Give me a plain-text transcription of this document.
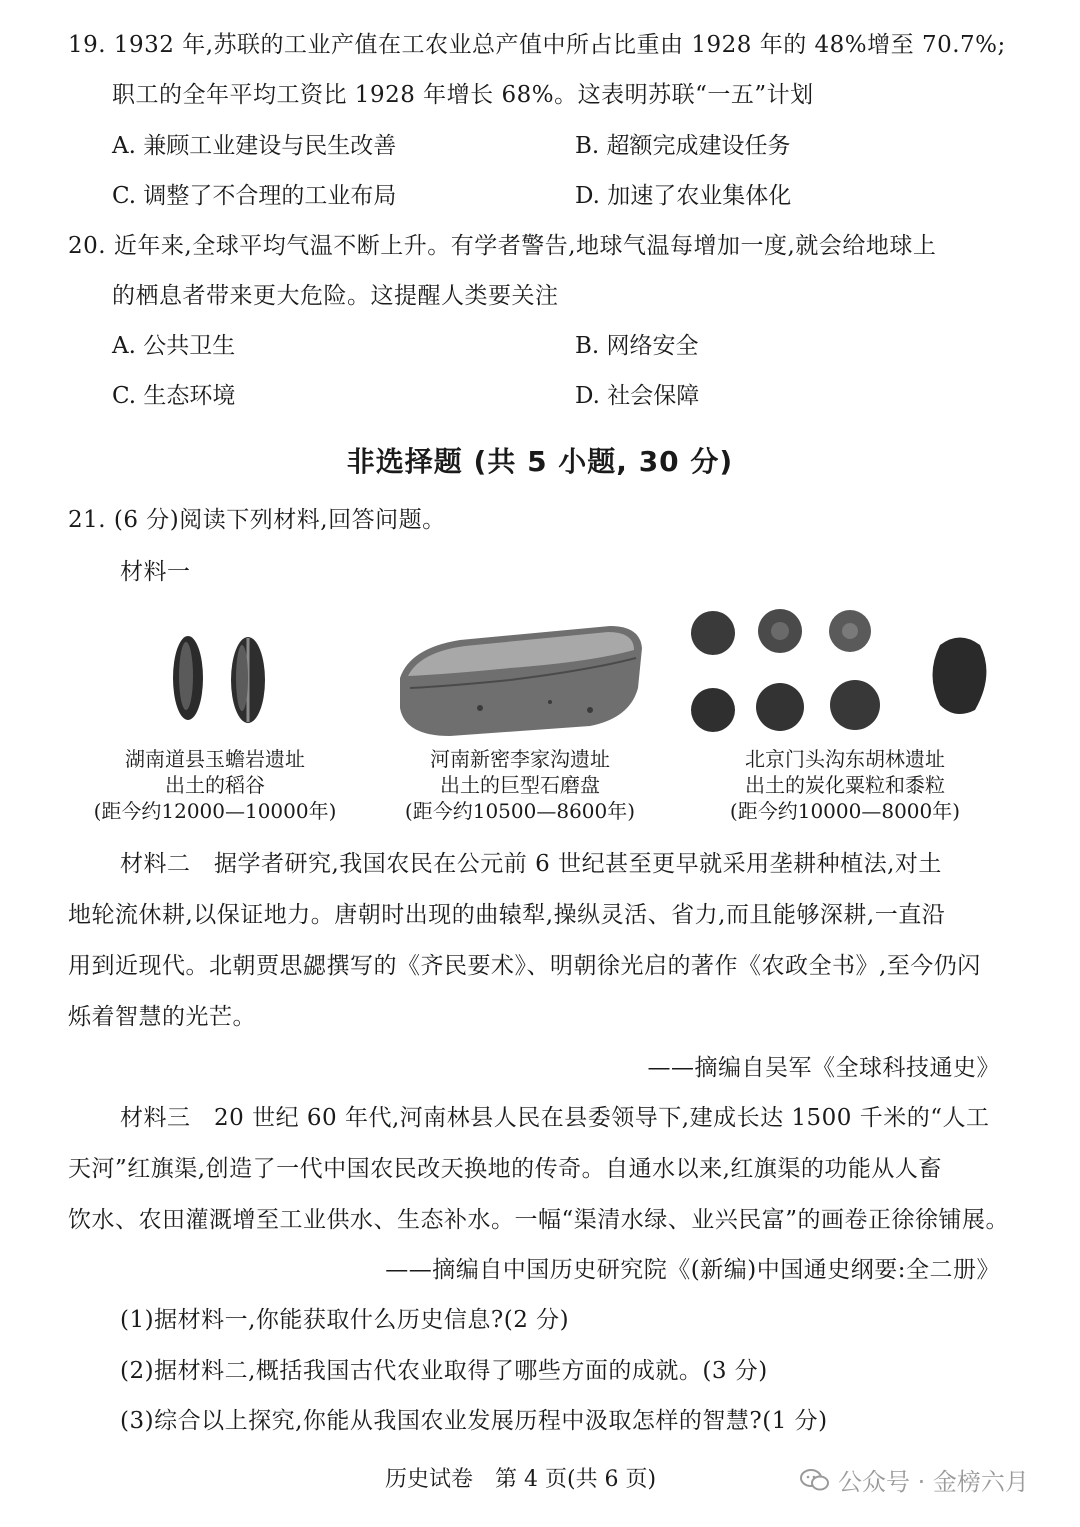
19. 1932 年,苏联的工业产值在工农业总产值中所占比重由 1928 年的 48%增至 70.7%;
职工的全年平均工资比 1928 年增长 68%。这表明苏联“一五”计划
A. 兼顾工业建设与民生改善	B. 超额完成建设任务
C. 调整了不合理的工业布局	D. 加速了农业集体化
20. 近年来,全球平均气温不断上升。有学者警告,地球气温每增加一度,就会给地球上
的栖息者带来更大危险。这提醒人类要关注
A. 公共卫生	B. 网络安全
C. 生态环境	D. 社会保障
非选择题 (共 5 小题, 30 分)
21. (6 分)阅读下列材料,回答问题。
材料一
湖南道县玉蟾岩遗址
出土的稻谷
(距今约12000—10000年)
河南新密李家沟遗址
出土的巨型石磨盘
(距今约10500—8600年)
北京门头沟东胡林遗址
出土的炭化粟粒和黍粒
(距今约10000—8000年)
材料二　据学者研究,我国农民在公元前 6 世纪甚至更早就采用垄耕种植法,对土
地轮流休耕,以保证地力。唐朝时出现的曲辕犁,操纵灵活、省力,而且能够深耕,一直沿
用到近现代。北朝贾思勰撰写的《齐民要术》、明朝徐光启的著作《农政全书》,至今仍闪
烁着智慧的光芒。
——摘编自吴军《全球科技通史》
材料三　20 世纪 60 年代,河南林县人民在县委领导下,建成长达 1500 千米的“人工
天河”红旗渠,创造了一代中国农民改天换地的传奇。自通水以来,红旗渠的功能从人畜
饮水、农田灌溉增至工业供水、生态补水。一幅“渠清水绿、业兴民富”的画卷正徐徐铺展。
——摘编自中国历史研究院《(新编)中国通史纲要:全二册》
(1)据材料一,你能获取什么历史信息?(2 分)
(2)据材料二,概括我国古代农业取得了哪些方面的成就。(3 分)
(3)综合以上探究,你能从我国农业发展历程中汲取怎样的智慧?(1 分)
历史试卷　第 4 页(共 6 页)	公众号 · 金榜六月
